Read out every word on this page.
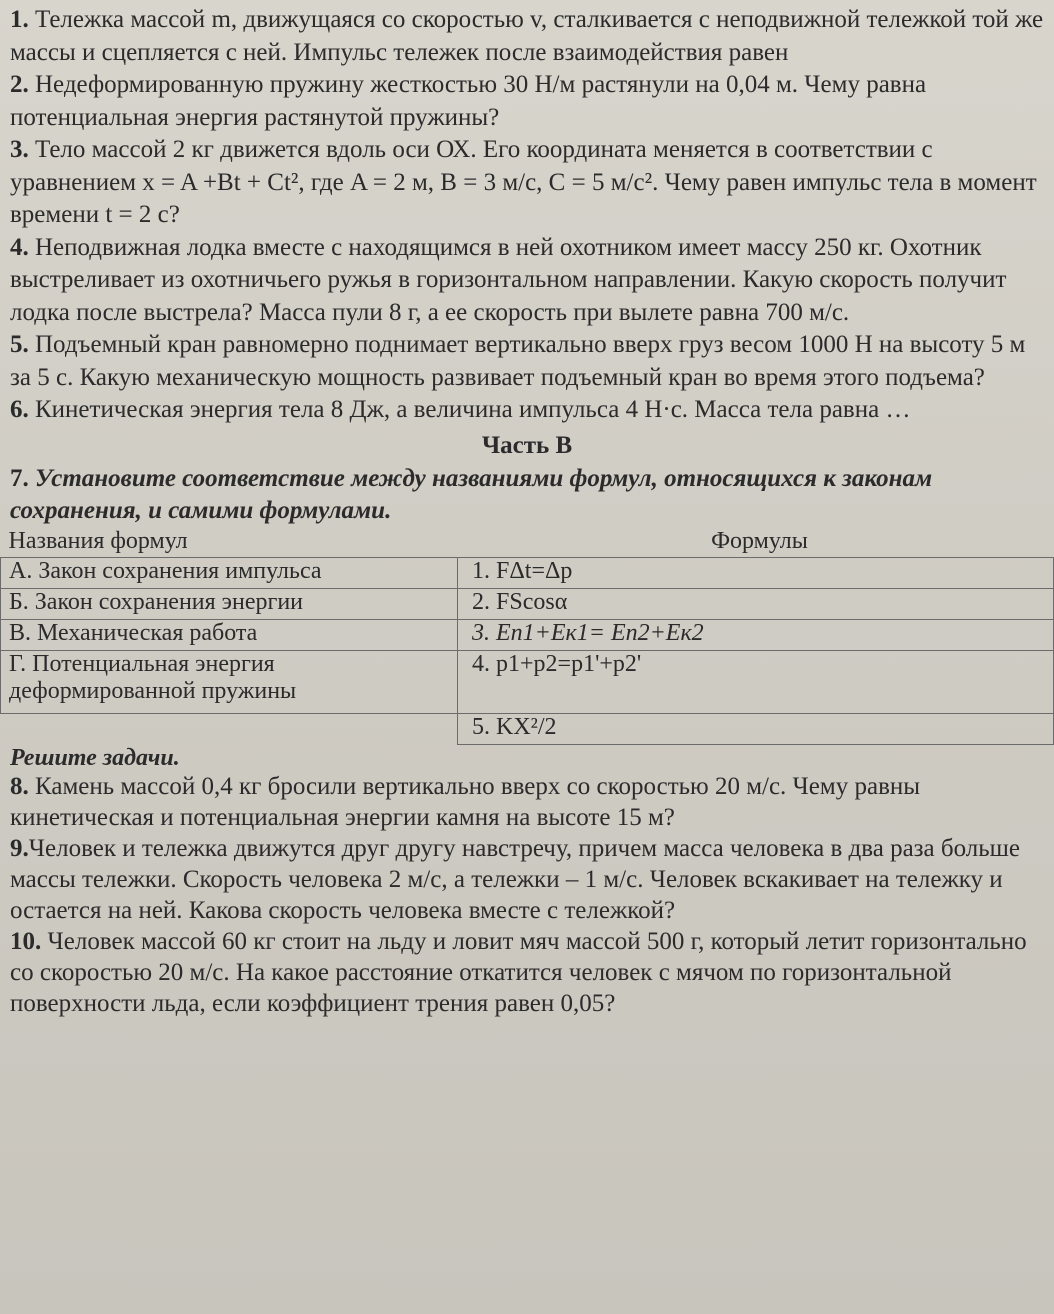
1. Тележка массой m, движущаяся со скоростью v, сталкивается с неподвижной тележкой той же массы и сцепляется с ней. Импульс тележек после взаимодействия равен

2. Недеформированную пружину жесткостью 30 Н/м растянули на 0,04 м. Чему равна потенциальная энергия растянутой пружины?

3. Тело массой 2 кг движется вдоль оси ОХ. Его координата меняется в соответствии с уравнением x = A +Bt + Ct², где A = 2 м, B = 3 м/с, C = 5 м/с². Чему равен импульс тела в момент времени t = 2 с?

4. Неподвижная лодка вместе с находящимся в ней охотником имеет массу 250 кг. Охотник выстреливает из охотничьего ружья в горизонтальном направлении. Какую скорость получит лодка после выстрела? Масса пули 8 г, а ее скорость при вылете равна 700 м/с.

5. Подъемный кран равномерно поднимает вертикально вверх груз весом 1000 Н на высоту 5 м за 5 с. Какую механическую мощность развивает подъемный кран во время этого подъема?

6. Кинетическая энергия тела 8 Дж, а величина импульса 4 Н·с. Масса тела равна …

Часть В

7. Установите соответствие между названиями формул, относящихся к законам сохранения, и самими формулами.

Названия формул	Формулы
А. Закон сохранения импульса	1. FΔt=Δp
Б. Закон сохранения энергии	2. FScosα
В. Механическая работа	3. Eп1+Eк1= Eп2+Eк2
Г. Потенциальная энергия деформированной пружины	4. p1+p2=p1'+p2'
	5. KX²/2

Решите задачи.

8. Камень массой 0,4 кг бросили вертикально вверх со скоростью 20 м/с. Чему равны кинетическая и потенциальная энергии камня на высоте 15 м?

9.Человек и тележка движутся друг другу навстречу, причем масса человека в два раза больше массы тележки. Скорость человека 2 м/с, а тележки – 1 м/с. Человек вскакивает на тележку и остается на ней. Какова скорость человека вместе с тележкой?

10. Человек массой 60 кг стоит на льду и ловит мяч массой 500 г, который летит горизонтально со скоростью 20 м/с. На какое расстояние откатится человек с мячом по горизонтальной поверхности льда, если коэффициент трения равен 0,05?
